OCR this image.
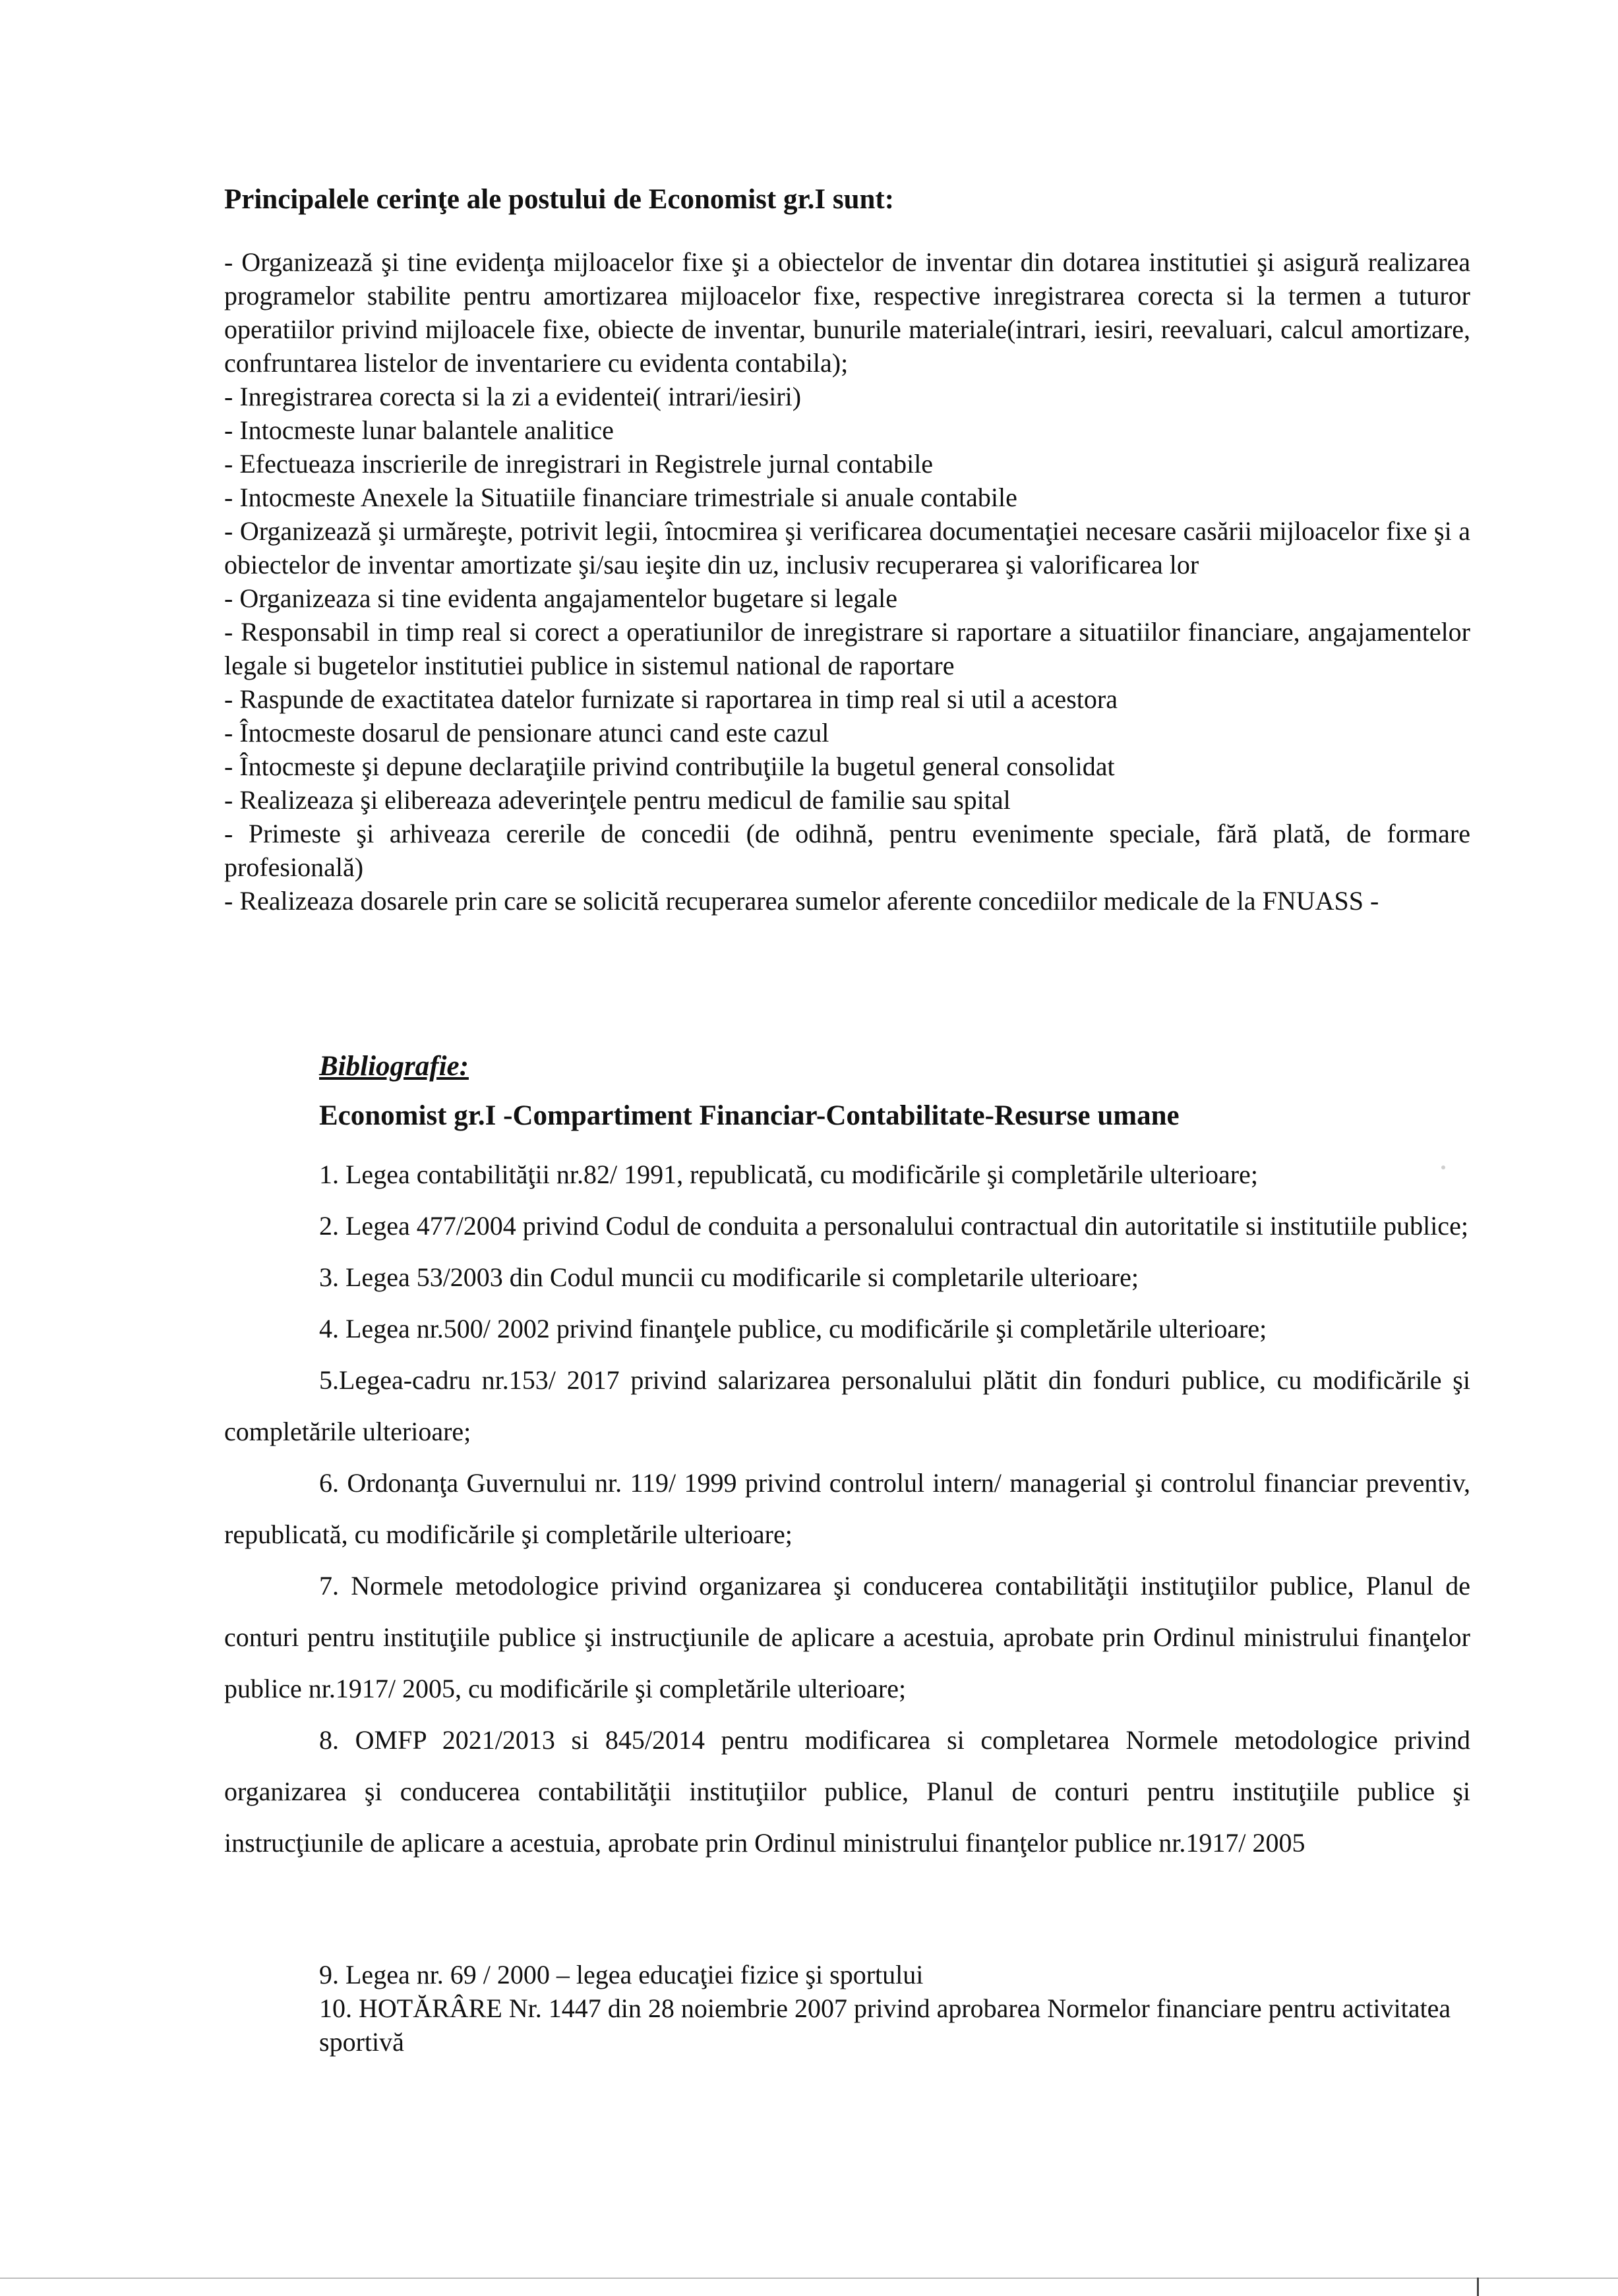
Principalele cerinţe ale postului de Economist gr.I sunt:
- Organizează şi tine evidenţa mijloacelor fixe şi a obiectelor de inventar din dotarea institutiei şi asigură realizarea programelor stabilite pentru amortizarea mijloacelor fixe, respective inregistrarea corecta si la termen a tuturor operatiilor privind mijloacele fixe, obiecte de inventar, bunurile materiale(intrari, iesiri, reevaluari, calcul amortizare, confruntarea listelor de inventariere cu evidenta contabila);
- Inregistrarea corecta si la zi a evidentei( intrari/iesiri)
- Intocmeste lunar balantele analitice
- Efectueaza inscrierile de inregistrari in Registrele jurnal contabile
- Intocmeste Anexele la Situatiile financiare trimestriale si anuale contabile
- Organizează şi urmăreşte, potrivit legii, întocmirea şi verificarea documentaţiei necesare casării mijloacelor fixe şi a obiectelor de inventar amortizate şi/sau ieşite din uz, inclusiv recuperarea şi valorificarea lor
- Organizeaza si tine evidenta angajamentelor bugetare si legale
- Responsabil in timp real si corect a operatiunilor de inregistrare si raportare a situatiilor financiare, angajamentelor legale si bugetelor institutiei publice in sistemul national de raportare
- Raspunde de exactitatea datelor furnizate si raportarea in timp real si util a acestora
- Întocmeste dosarul de pensionare atunci cand este cazul
- Întocmeste şi depune declaraţiile privind contribuţiile la bugetul general consolidat
- Realizeaza şi elibereaza adeverinţele pentru medicul de familie sau spital
- Primeste şi arhiveaza cererile de concedii (de odihnă, pentru evenimente speciale, fără plată, de formare profesională)
- Realizeaza dosarele prin care se solicită recuperarea sumelor aferente concediilor medicale de la FNUASS -
Bibliografie:
Economist gr.I -Compartiment Financiar-Contabilitate-Resurse umane
1. Legea contabilităţii nr.82/ 1991, republicată, cu modificările şi completările ulterioare;
2. Legea 477/2004 privind Codul de conduita a personalului contractual din autoritatile si institutiile publice;
3. Legea 53/2003 din Codul muncii cu modificarile si completarile ulterioare;
4. Legea nr.500/ 2002 privind finanţele publice, cu modificările şi completările ulterioare;
5.Legea-cadru nr.153/ 2017 privind salarizarea personalului plătit din fonduri publice, cu modificările şi completările ulterioare;
6. Ordonanţa Guvernului nr. 119/ 1999 privind controlul intern/ managerial şi controlul financiar preventiv, republicată, cu modificările şi completările ulterioare;
7. Normele metodologice privind organizarea şi conducerea contabilităţii instituţiilor publice, Planul de conturi pentru instituţiile publice şi instrucţiunile de aplicare a acestuia, aprobate prin Ordinul ministrului finanţelor publice nr.1917/ 2005, cu modificările şi completările ulterioare;
8. OMFP 2021/2013 si 845/2014 pentru modificarea si completarea Normele metodologice privind organizarea şi conducerea contabilităţii instituţiilor publice, Planul de conturi pentru instituţiile publice şi instrucţiunile de aplicare a acestuia, aprobate prin Ordinul ministrului finanţelor publice nr.1917/ 2005
9. Legea nr. 69 / 2000 – legea educaţiei fizice şi sportului
10. HOTĂRÂRE Nr. 1447 din 28 noiembrie 2007 privind aprobarea Normelor financiare pentru activitatea sportivă
